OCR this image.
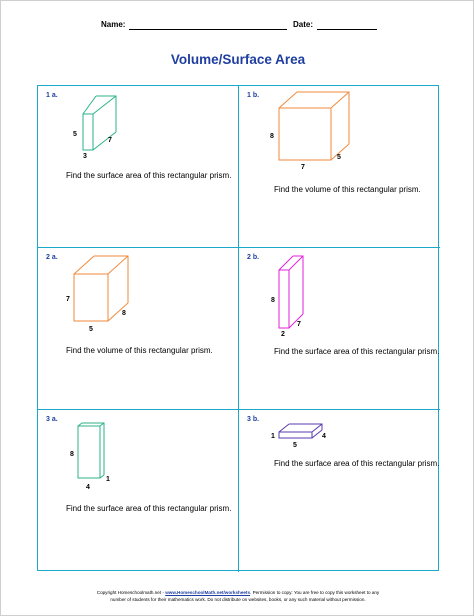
Name:	Date:
Volume/Surface Area
1 a.
5
3
7
Find the surface area of this rectangular prism.
1 b.
8
7
5
Find the volume of this rectangular prism.
2 a.
7
5
8
Find the volume of this rectangular prism.
2 b.
8
2
7
Find the surface area of this rectangular prism.
3 a.
8
4
1
Find the surface area of this rectangular prism.
3 b.
1
5
4
Find the surface area of this rectangular prism.
Copyright Homeschoolmath.net - www.HomeschoolMath.net/worksheets. Permission to copy: You are free to copy this worksheet to any
number of students for their mathematics work. Do not distribute on websites, books, or any such material without permission.
